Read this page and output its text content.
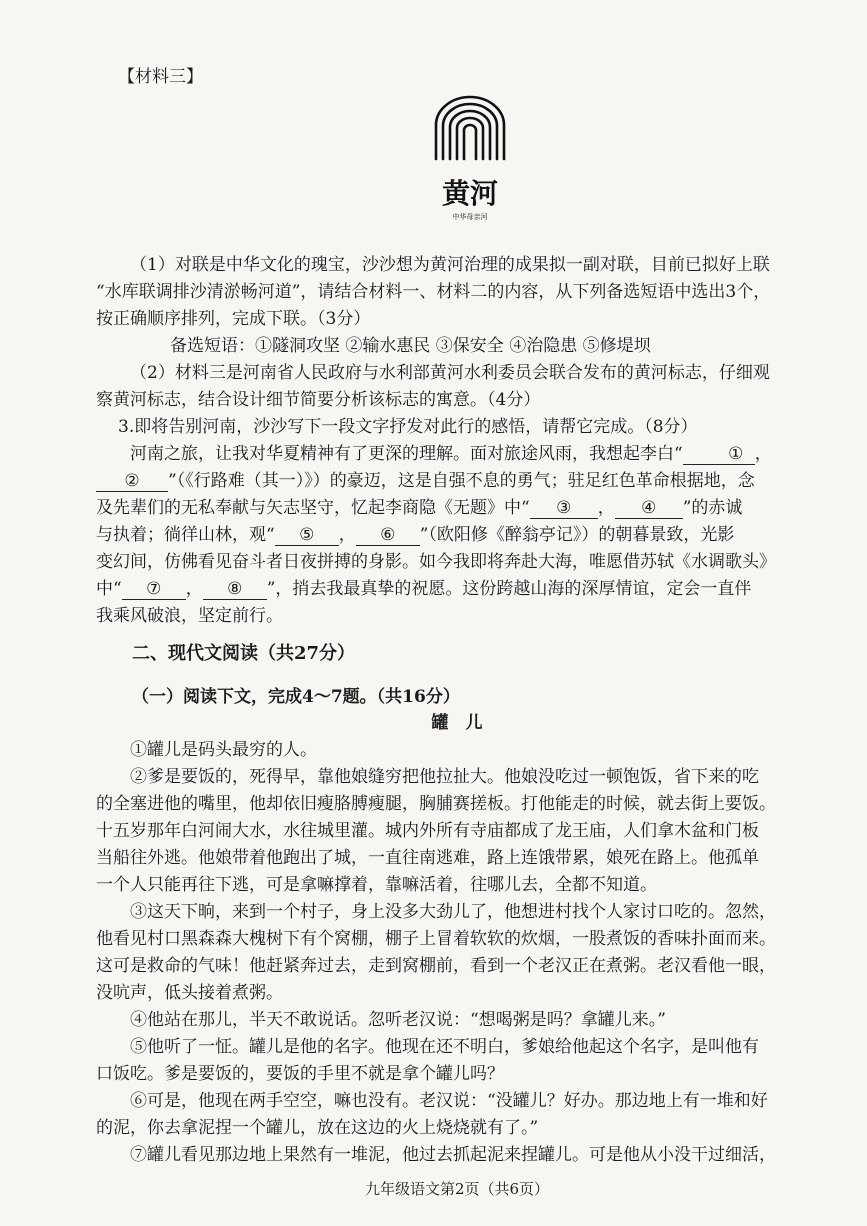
【材料三】

黄河
中华母亲河

（1）对联是中华文化的瑰宝，沙沙想为黄河治理的成果拟一副对联，目前已拟好上联

“水库联调排沙清淤畅河道”，请结合材料一、材料二的内容，从下列备选短语中选出3个，

按正确顺序排列，完成下联。（3分）

备选短语：①隧洞攻坚 ②输水惠民 ③保安全 ④治隐患 ⑤修堤坝

（2）材料三是河南省人民政府与水利部黄河水利委员会联合发布的黄河标志，仔细观

察黄河标志，结合设计细节简要分析该标志的寓意。（4分）

3.即将告别河南，沙沙写下一段文字抒发对此行的感悟，请帮它完成。（8分）

河南之旅，让我对华夏精神有了更深的理解。面对旅途风雨，我想起李白“	① ，

② ”（《行路难（其一）》）的豪迈，这是自强不息的勇气；驻足红色革命根据地，念

及先辈们的无私奉献与矢志坚守，忆起李商隐《无题》中“ ③ ， ④ ”的赤诚

与执着；徜徉山林，观“ ⑤ ， ⑥ ”（欧阳修《醉翁亭记》）的朝暮景致，光影

变幻间，仿佛看见奋斗者日夜拼搏的身影。如今我即将奔赴大海，唯愿借苏轼《水调歌头》

中“ ⑦ ， ⑧ ”，捎去我最真挚的祝愿。这份跨越山海的深厚情谊，定会一直伴

我乘风破浪，坚定前行。

二、现代文阅读（共27分）

（一）阅读下文，完成4～7题。（共16分）

罐　儿

①罐儿是码头最穷的人。

②爹是要饭的，死得早，靠他娘缝穷把他拉扯大。他娘没吃过一顿饱饭，省下来的吃

的全塞进他的嘴里，他却依旧瘦胳膊瘦腿，胸脯赛搓板。打他能走的时候，就去街上要饭。

十五岁那年白河闹大水，水往城里灌。城内外所有寺庙都成了龙王庙，人们拿木盆和门板

当船往外逃。他娘带着他跑出了城，一直往南逃难，路上连饿带累，娘死在路上。他孤单

一个人只能再往下逃，可是拿嘛撑着，靠嘛活着，往哪儿去，全都不知道。

③这天下晌，来到一个村子，身上没多大劲儿了，他想进村找个人家讨口吃的。忽然，

他看见村口黑森森大槐树下有个窝棚，棚子上冒着软软的炊烟，一股煮饭的香味扑面而来。

这可是救命的气味！他赶紧奔过去，走到窝棚前，看到一个老汉正在煮粥。老汉看他一眼，

没吭声，低头接着煮粥。

④他站在那儿，半天不敢说话。忽听老汉说：“想喝粥是吗？拿罐儿来。”

⑤他听了一怔。罐儿是他的名字。他现在还不明白，爹娘给他起这个名字，是叫他有

口饭吃。爹是要饭的，要饭的手里不就是拿个罐儿吗？

⑥可是，他现在两手空空，嘛也没有。老汉说：“没罐儿？好办。那边地上有一堆和好

的泥，你去拿泥捏一个罐儿，放在这边的火上烧烧就有了。”

⑦罐儿看见那边地上果然有一堆泥，他过去抓起泥来捏罐儿。可是他从小没干过细活，

九年级语文第2页（共6页）
